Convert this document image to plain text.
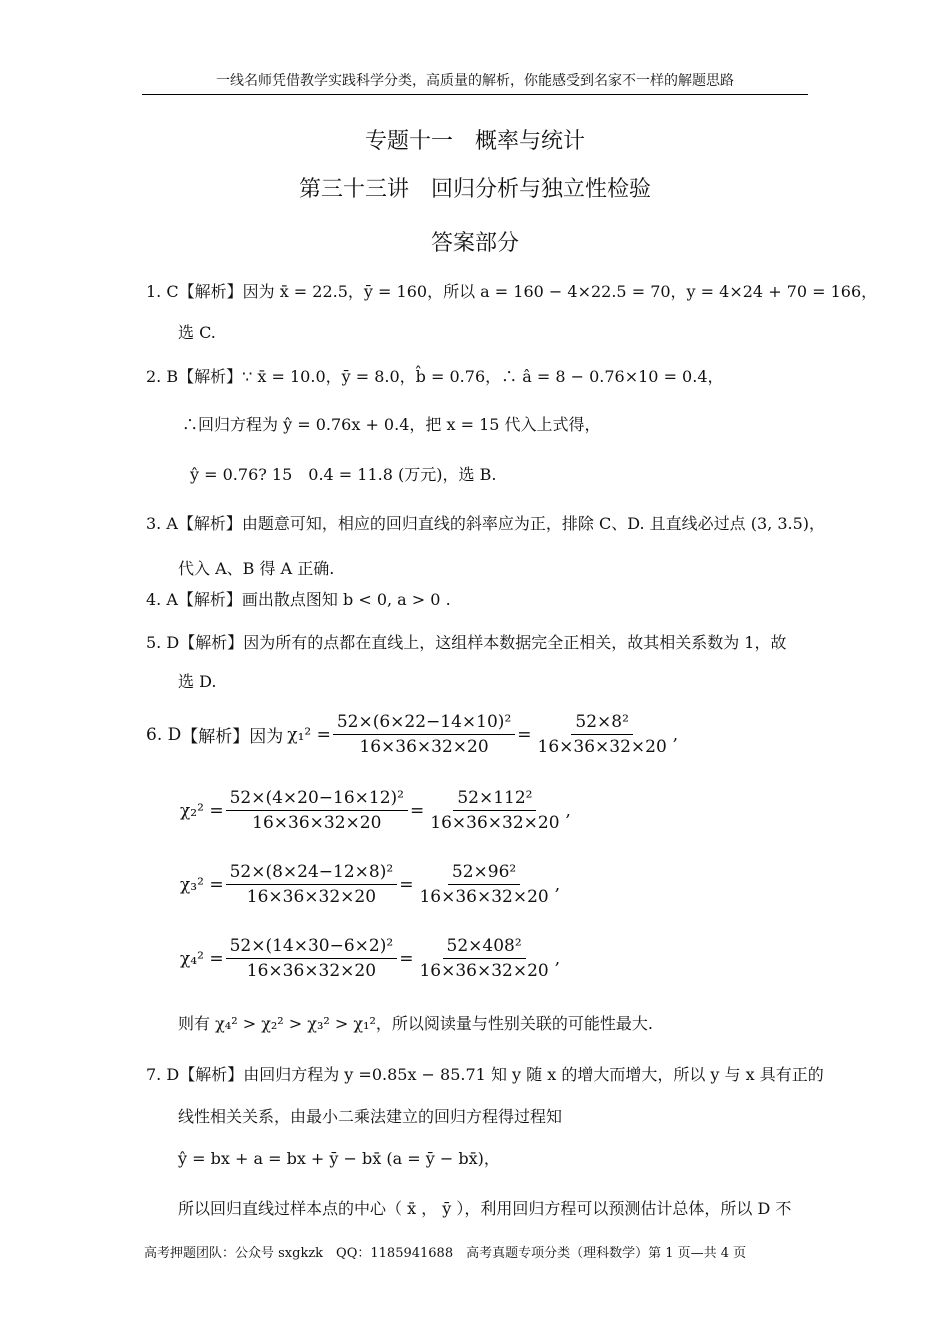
一线名师凭借教学实践科学分类，高质量的解析，你能感受到名家不一样的解题思路
专题十一　概率与统计
第三十三讲　回归分析与独立性检验
答案部分
1. C【解析】因为 x̄ = 22.5，ȳ = 160，所以 a = 160 − 4×22.5 = 70，y = 4×24 + 70 = 166，
选 C.
2. B【解析】∵ x̄ = 10.0，ȳ = 8.0，b̂ = 0.76，∴ â = 8 − 0.76×10 = 0.4，
∴回归方程为 ŷ = 0.76x + 0.4，把 x = 15 代入上式得，
ŷ = 0.76? 15　0.4 = 11.8 (万元)，选 B.
3. A【解析】由题意可知，相应的回归直线的斜率应为正，排除 C、D. 且直线必过点 (3, 3.5)，
代入 A、B 得 A 正确.
4. A【解析】画出散点图知 b < 0, a > 0 .
5. D【解析】因为所有的点都在直线上，这组样本数据完全正相关，故其相关系数为 1，故
选 D.
6. D 【解析】 因为 $\chi_1^2 = \frac{\text{52×(6×22−14×10)²}}{16\times 36\times 32\times 20} = \frac{\text{52×8²}}{16\times 36\times 32\times 20}$ ,
$\chi_2^2 = \frac{\text{52×(4×20−16×12)²}}{16\times 36\times 32\times 20} = \frac{\text{52×112²}}{16\times 36\times 32\times 20}$ ,
$\chi_3^2 = \frac{\text{52×(8×24−12×8)²}}{16\times 36\times 32\times 20} = \frac{\text{52×96²}}{16\times 36\times 32\times 20}$ ,
$\chi_4^2 = \frac{\text{52×(14×30−6×2)²}}{16\times 36\times 32\times 20} = \frac{\text{52×408²}}{16\times 36\times 32\times 20}$ ,
则有 χ₄² > χ₂² > χ₃² > χ₁²，所以阅读量与性别关联的可能性最大.
7. D【解析】由回归方程为 y =0.85x − 85.71 知 y 随 x 的增大而增大，所以 y 与 x 具有正的
线性相关关系，由最小二乘法建立的回归方程得过程知
ŷ = bx + a = bx + ȳ − bx̄ (a = ȳ − bx̄)，
所以回归直线过样本点的中心（ x̄ ， ȳ ），利用回归方程可以预测估计总体，所以 D 不
高考押题团队：公众号 sxgkzk　QQ：1185941688　高考真题专项分类（理科数学）第 1 页—共 4 页
